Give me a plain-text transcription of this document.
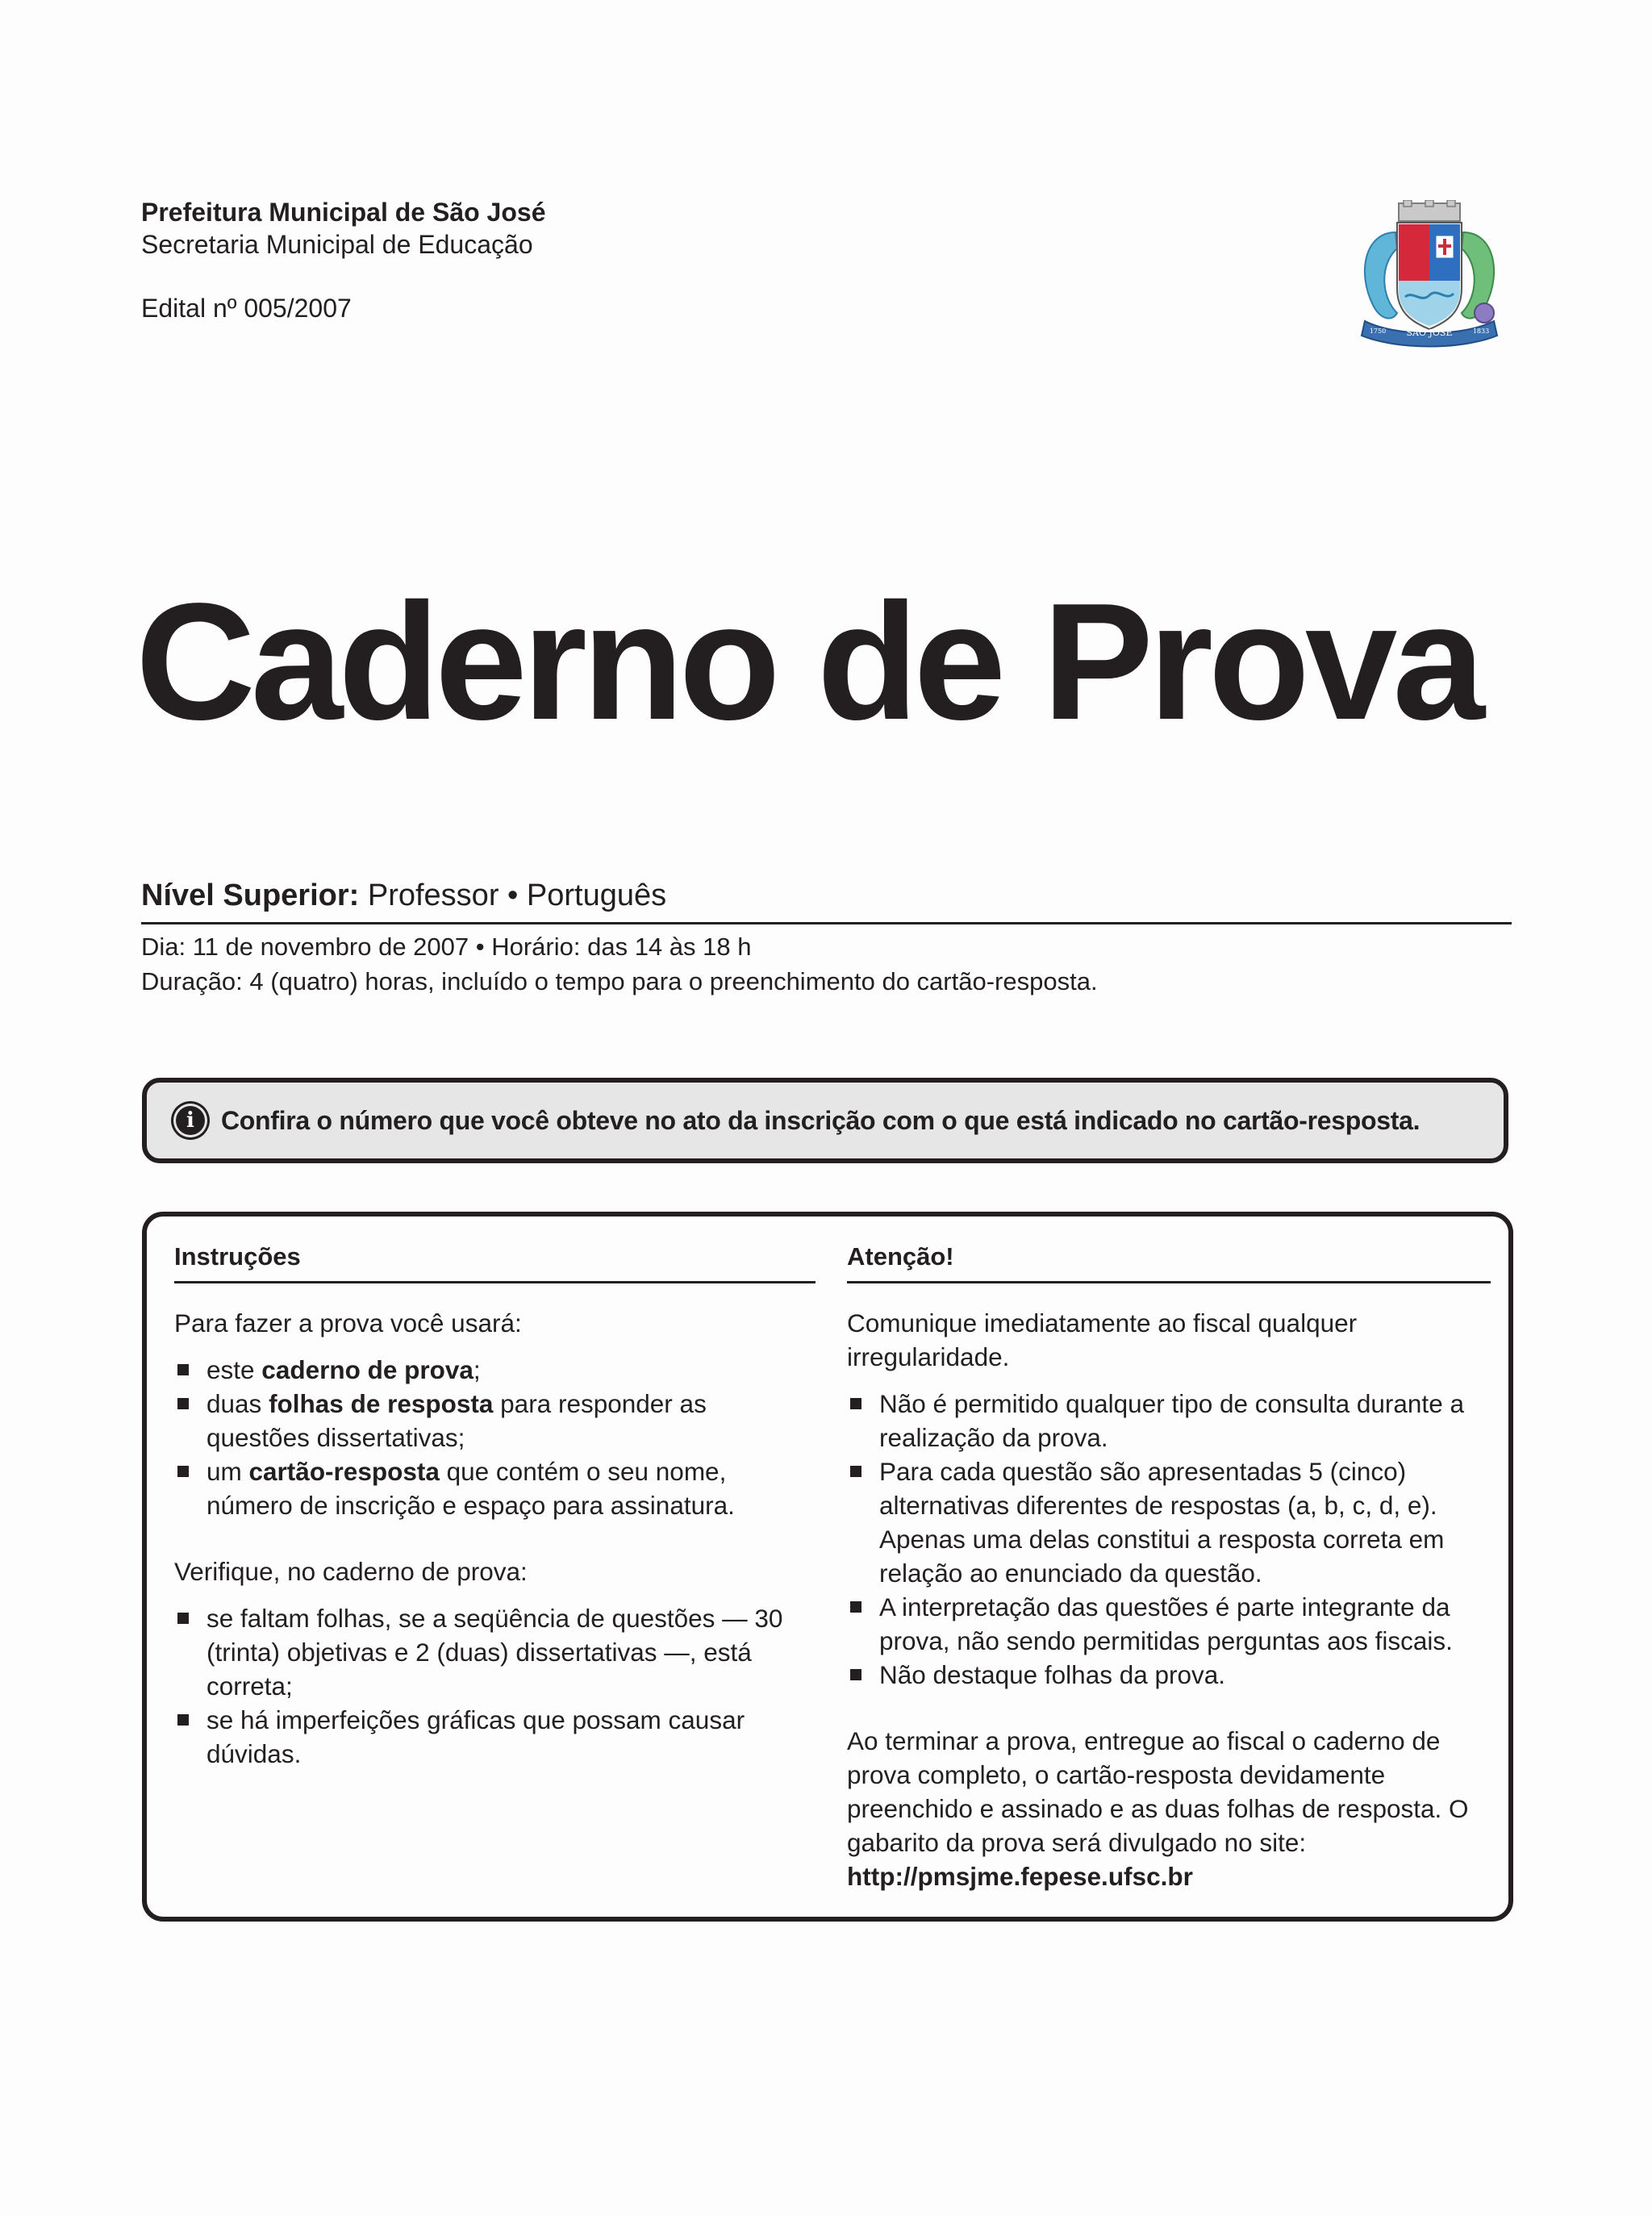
Prefeitura Municipal de São José
Secretaria Municipal de Educação
Edital nº 005/2007
SÃO JOSÉ
1750	1833
Caderno de Prova
Nível Superior: Professor • Português
Dia: 11 de novembro de 2007 • Horário: das 14 às 18 h
Duração: 4 (quatro) horas, incluído o tempo para o preenchimento do cartão-resposta.
i	Confira o número que você obteve no ato da inscrição com o que está indicado no cartão-resposta.
Instruções

Para fazer a prova você usará:

este caderno de prova;
duas folhas de resposta para responder as questões dissertativas;
um cartão-resposta que contém o seu nome, número de inscrição e espaço para assinatura.

Verifique, no caderno de prova:

se faltam folhas, se a seqüência de questões — 30 (trinta) objetivas e 2 (duas) dissertativas —, está correta;
se há imperfeições gráficas que possam causar dúvidas.
Atenção!

Comunique imediatamente ao fiscal qualquer irregularidade.

Não é permitido qualquer tipo de consulta durante a realização da prova.
Para cada questão são apresentadas 5 (cinco) alternativas diferentes de respostas (a, b, c, d, e). Apenas uma delas constitui a resposta correta em relação ao enunciado da questão.
A interpretação das questões é parte integrante da prova, não sendo permitidas perguntas aos fiscais.
Não destaque folhas da prova.

Ao terminar a prova, entregue ao fiscal o caderno de prova completo, o cartão-resposta devidamente preenchido e assinado e as duas folhas de resposta. O gabarito da prova será divulgado no site:

http://pmsjme.fepese.ufsc.br
